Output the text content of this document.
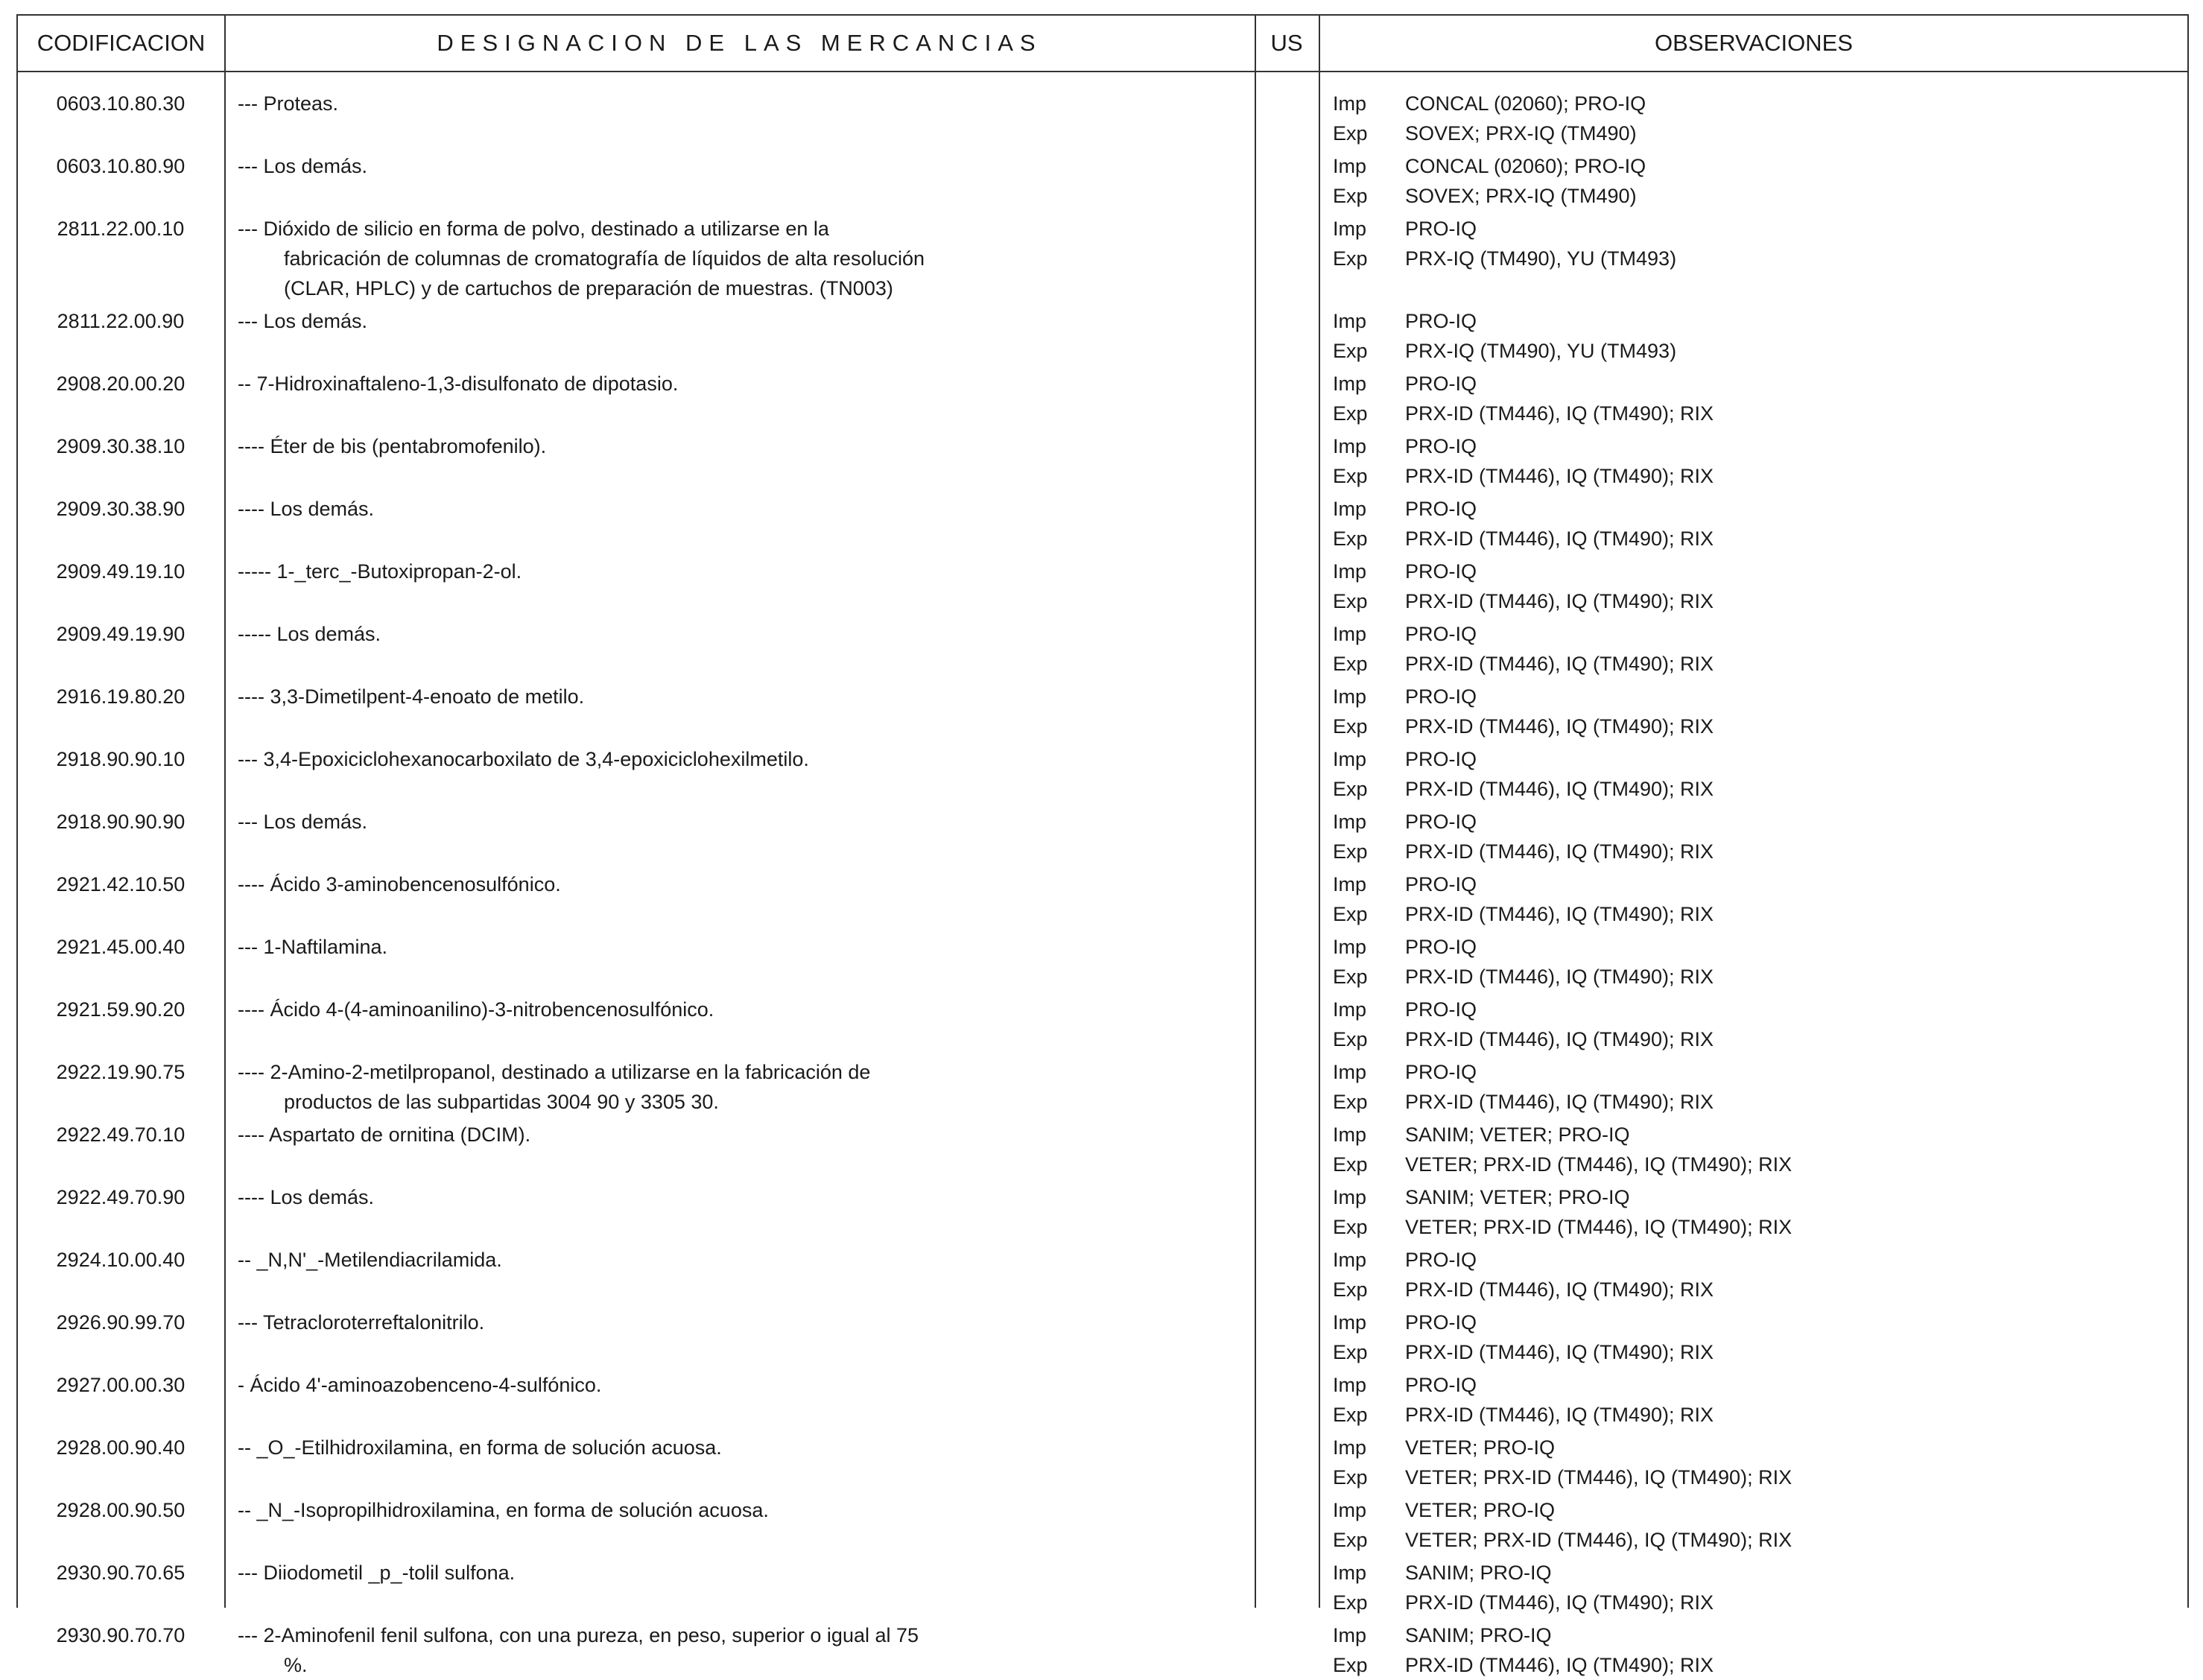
CODIFICACION	DESIGNACION DE LAS MERCANCIAS	US	OBSERVACIONES
0603.10.80.30	--- Proteas.	Imp	CONCAL (02060); PRO-IQ
Exp	SOVEX; PRX-IQ (TM490)
0603.10.80.90	--- Los demás.	Imp	CONCAL (02060); PRO-IQ
Exp	SOVEX; PRX-IQ (TM490)
2811.22.00.10	--- Dióxido de silicio en forma de polvo, destinado a utilizarse en la
fabricación de columnas de cromatografía de líquidos de alta resolución
(CLAR, HPLC) y de cartuchos de preparación de muestras. (TN003)
Imp	PRO-IQ
Exp	PRX-IQ (TM490), YU (TM493)
2811.22.00.90	--- Los demás.	Imp	PRO-IQ
Exp	PRX-IQ (TM490), YU (TM493)
2908.20.00.20	-- 7-Hidroxinaftaleno-1,3-disulfonato de dipotasio.	Imp	PRO-IQ
Exp	PRX-ID (TM446), IQ (TM490); RIX
2909.30.38.10	---- Éter de bis (pentabromofenilo).	Imp	PRO-IQ
Exp	PRX-ID (TM446), IQ (TM490); RIX
2909.30.38.90	---- Los demás.	Imp	PRO-IQ
Exp	PRX-ID (TM446), IQ (TM490); RIX
2909.49.19.10	----- 1-_terc_-Butoxipropan-2-ol.	Imp	PRO-IQ
Exp	PRX-ID (TM446), IQ (TM490); RIX
2909.49.19.90	----- Los demás.	Imp	PRO-IQ
Exp	PRX-ID (TM446), IQ (TM490); RIX
2916.19.80.20	---- 3,3-Dimetilpent-4-enoato de metilo.	Imp	PRO-IQ
Exp	PRX-ID (TM446), IQ (TM490); RIX
2918.90.90.10	--- 3,4-Epoxiciclohexanocarboxilato de 3,4-epoxiciclohexilmetilo.	Imp	PRO-IQ
Exp	PRX-ID (TM446), IQ (TM490); RIX
2918.90.90.90	--- Los demás.	Imp	PRO-IQ
Exp	PRX-ID (TM446), IQ (TM490); RIX
2921.42.10.50	---- Ácido 3-aminobencenosulfónico.	Imp	PRO-IQ
Exp	PRX-ID (TM446), IQ (TM490); RIX
2921.45.00.40	--- 1-Naftilamina.	Imp	PRO-IQ
Exp	PRX-ID (TM446), IQ (TM490); RIX
2921.59.90.20	---- Ácido 4-(4-aminoanilino)-3-nitrobencenosulfónico.	Imp	PRO-IQ
Exp	PRX-ID (TM446), IQ (TM490); RIX
2922.19.90.75	---- 2-Amino-2-metilpropanol, destinado a utilizarse en la fabricación de
productos de las subpartidas 3004 90 y 3305 30.
Imp	PRO-IQ
Exp	PRX-ID (TM446), IQ (TM490); RIX
2922.49.70.10	---- Aspartato de ornitina (DCIM).	Imp	SANIM; VETER; PRO-IQ
Exp	VETER; PRX-ID (TM446), IQ (TM490); RIX
2922.49.70.90	---- Los demás.	Imp	SANIM; VETER; PRO-IQ
Exp	VETER; PRX-ID (TM446), IQ (TM490); RIX
2924.10.00.40	-- _N,N'_-Metilendiacrilamida.	Imp	PRO-IQ
Exp	PRX-ID (TM446), IQ (TM490); RIX
2926.90.99.70	--- Tetracloroterreftalonitrilo.	Imp	PRO-IQ
Exp	PRX-ID (TM446), IQ (TM490); RIX
2927.00.00.30	- Ácido 4'-aminoazobenceno-4-sulfónico.	Imp	PRO-IQ
Exp	PRX-ID (TM446), IQ (TM490); RIX
2928.00.90.40	-- _O_-Etilhidroxilamina, en forma de solución acuosa.	Imp	VETER; PRO-IQ
Exp	VETER; PRX-ID (TM446), IQ (TM490); RIX
2928.00.90.50	-- _N_-Isopropilhidroxilamina, en forma de solución acuosa.	Imp	VETER; PRO-IQ
Exp	VETER; PRX-ID (TM446), IQ (TM490); RIX
2930.90.70.65	--- Diiodometil _p_-tolil sulfona.	Imp	SANIM; PRO-IQ
Exp	PRX-ID (TM446), IQ (TM490); RIX
2930.90.70.70	--- 2-Aminofenil fenil sulfona, con una pureza, en peso, superior o igual al 75
%.
Imp	SANIM; PRO-IQ
Exp	PRX-ID (TM446), IQ (TM490); RIX
